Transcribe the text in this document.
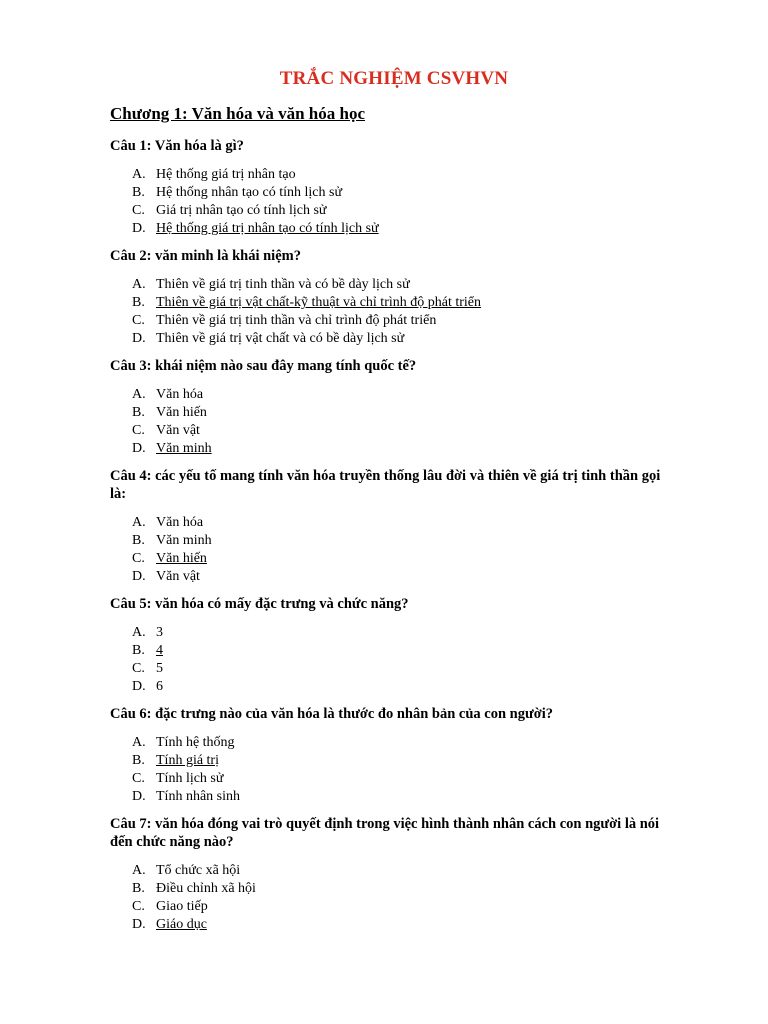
TRẮC NGHIỆM CSVHVN
Chương 1: Văn hóa và văn hóa học
Câu 1: Văn hóa là gì?
A. Hệ thống giá trị nhân tạo
B. Hệ thống nhân tạo có tính lịch sử
C. Giá trị nhân tạo có tính lịch sử
D. Hệ thống giá trị nhân tạo có tính lịch sử
Câu 2: văn minh là khái niệm?
A. Thiên về giá trị tinh thần và có bề dày lịch sử
B. Thiên về giá trị vật chất-kỹ thuật và chỉ trình độ phát triển
C. Thiên về giá trị tinh thần và chỉ trình độ phát triển
D. Thiên về giá trị vật chất và có bề dày lịch sử
Câu 3: khái niệm nào sau đây mang tính quốc tế?
A. Văn hóa
B. Văn hiến
C. Văn vật
D. Văn minh
Câu 4: các yếu tố mang tính văn hóa truyền thống lâu đời và thiên về giá trị tinh thần gọi là:
A. Văn hóa
B. Văn minh
C. Văn hiến
D. Văn vật
Câu 5: văn hóa có mấy đặc trưng và chức năng?
A. 3
B. 4
C. 5
D. 6
Câu 6: đặc trưng nào của văn hóa là thước đo nhân bản của con người?
A. Tính hệ thống
B. Tính giá trị
C. Tính lịch sử
D. Tính nhân sinh
Câu 7: văn hóa đóng vai trò quyết định trong việc hình thành nhân cách con người là nói đến chức năng nào?
A. Tổ chức xã hội
B. Điều chỉnh xã hội
C. Giao tiếp
D. Giáo dục
